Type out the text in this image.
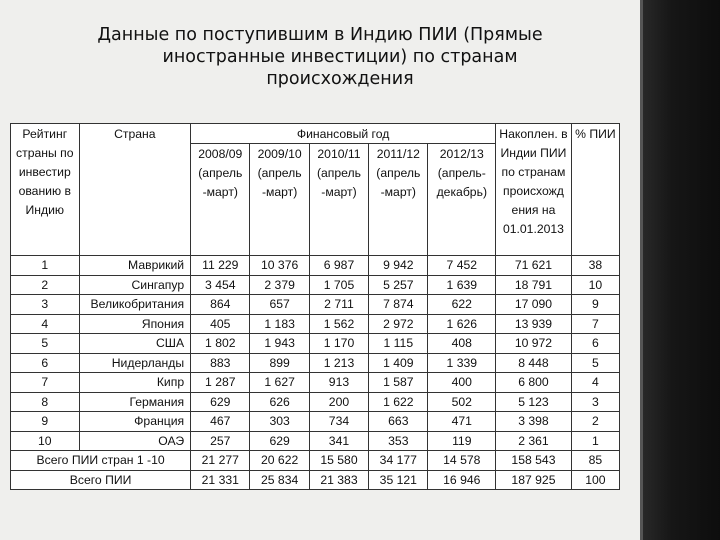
Данные по поступившим в Индию ПИИ (Прямые
иностранные инвестиции) по странам
происхождения
Рейтинг страны по инвестир ованию в Индию	Страна	Финансовый год					Накоплен. в Индии ПИИ по странам происхожд ения на 01.01.2013	% ПИИ
		2008/09 (апрель -март)	2009/10 (апрель -март)	2010/11 (апрель -март)	2011/12 (апрель -март)	2012/13 (апрель-декабрь)		
1	Маврикий	11 229	10 376	6 987	9 942	7 452	71 621	38
2	Сингапур	3 454	2 379	1 705	5 257	1 639	18 791	10
3	Великобритания	864	657	2 711	7 874	622	17 090	9
4	Япония	405	1 183	1 562	2 972	1 626	13 939	7
5	США	1 802	1 943	1 170	1 115	408	10 972	6
6	Нидерланды	883	899	1 213	1 409	1 339	8 448	5
7	Кипр	1 287	1 627	913	1 587	400	6 800	4
8	Германия	629	626	200	1 622	502	5 123	3
9	Франция	467	303	734	663	471	3 398	2
10	ОАЭ	257	629	341	353	119	2 361	1
Всего ПИИ стран 1 -10		21 277	20 622	15 580	34 177	14 578	158 543	85
Всего ПИИ		21 331	25 834	21 383	35 121	16 946	187 925	100
